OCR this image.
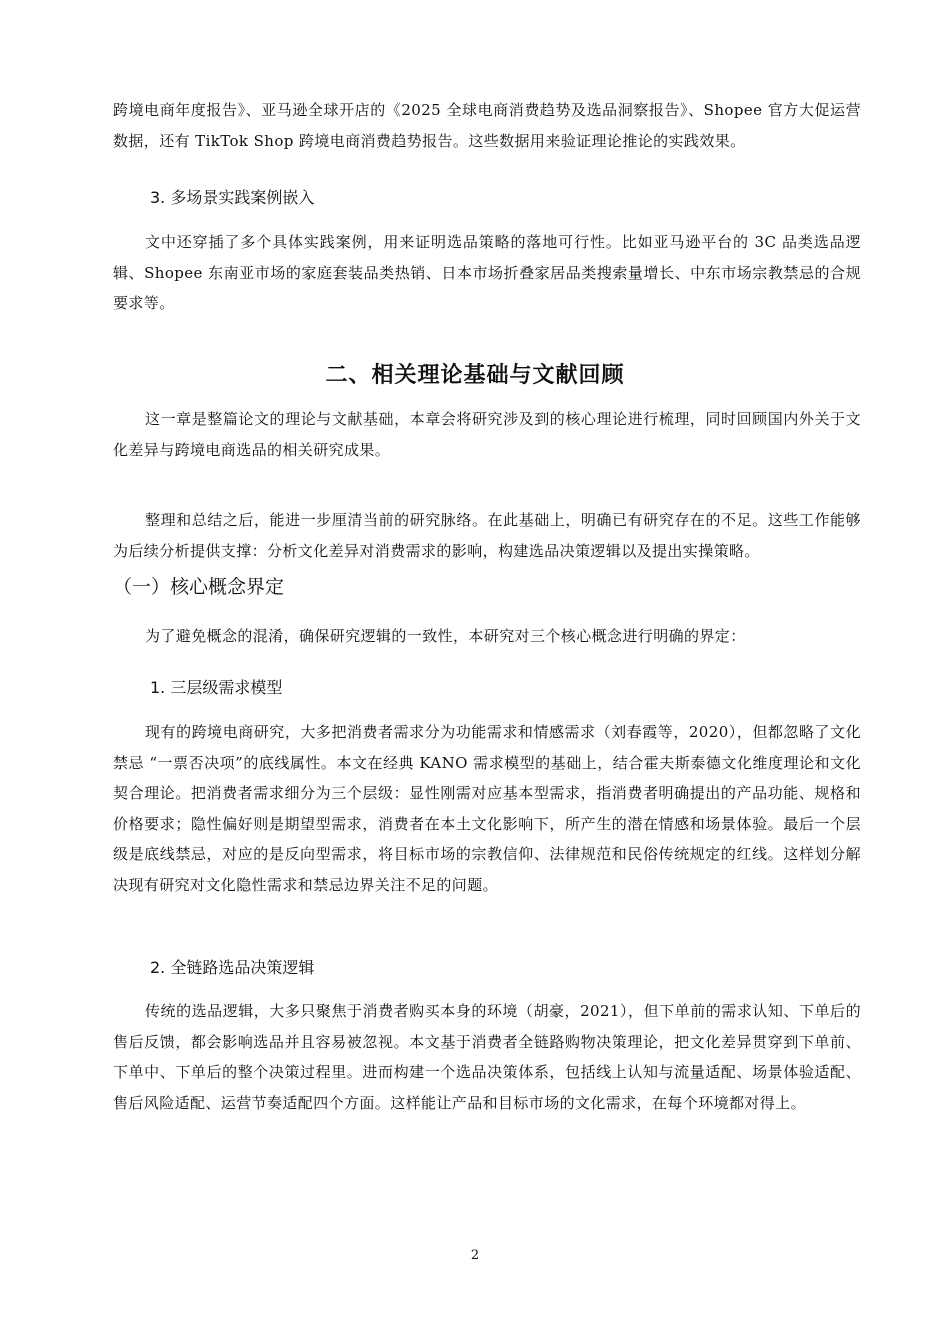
跨境电商年度报告》、亚马逊全球开店的《2025 全球电商消费趋势及选品洞察报告》、Shopee 官方大促运营数据，还有 TikTok Shop 跨境电商消费趋势报告。这些数据用来验证理论推论的实践效果。

3. 多场景实践案例嵌入

文中还穿插了多个具体实践案例，用来证明选品策略的落地可行性。比如亚马逊平台的 3C 品类选品逻辑、Shopee 东南亚市场的家庭套装品类热销、日本市场折叠家居品类搜索量增长、中东市场宗教禁忌的合规要求等。

二、相关理论基础与文献回顾

这一章是整篇论文的理论与文献基础，本章会将研究涉及到的核心理论进行梳理，同时回顾国内外关于文化差异与跨境电商选品的相关研究成果。

整理和总结之后，能进一步厘清当前的研究脉络。在此基础上，明确已有研究存在的不足。这些工作能够为后续分析提供支撑：分析文化差异对消费需求的影响，构建选品决策逻辑以及提出实操策略。

（一）核心概念界定

为了避免概念的混淆，确保研究逻辑的一致性，本研究对三个核心概念进行明确的界定：

1. 三层级需求模型

现有的跨境电商研究，大多把消费者需求分为功能需求和情感需求（刘春霞等，2020），但都忽略了文化禁忌 “一票否决项”的底线属性。本文在经典 KANO 需求模型的基础上，结合霍夫斯泰德文化维度理论和文化契合理论。把消费者需求细分为三个层级：显性刚需对应基本型需求，指消费者明确提出的产品功能、规格和价格要求；隐性偏好则是期望型需求，消费者在本土文化影响下，所产生的潜在情感和场景体验。最后一个层级是底线禁忌，对应的是反向型需求，将目标市场的宗教信仰、法律规范和民俗传统规定的红线。这样划分解决现有研究对文化隐性需求和禁忌边界关注不足的问题。

2. 全链路选品决策逻辑

传统的选品逻辑，大多只聚焦于消费者购买本身的环境（胡豪，2021），但下单前的需求认知、下单后的售后反馈，都会影响选品并且容易被忽视。本文基于消费者全链路购物决策理论，把文化差异贯穿到下单前、下单中、下单后的整个决策过程里。进而构建一个选品决策体系，包括线上认知与流量适配、场景体验适配、售后风险适配、运营节奏适配四个方面。这样能让产品和目标市场的文化需求，在每个环境都对得上。

2
